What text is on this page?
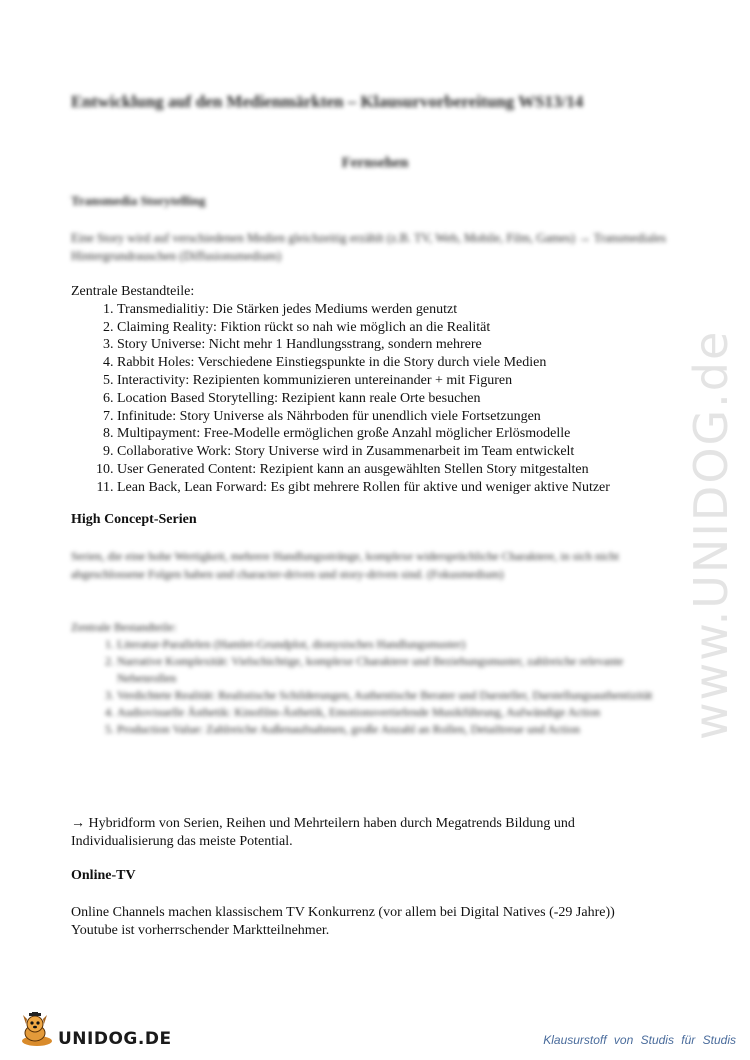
www.UNIDOG.de
Entwicklung auf den Medienmärkten – Klausurvorbereitung WS13/14
Fernsehen
Transmedia Storytelling
Eine Story wird auf verschiedenen Medien gleichzeitig erzählt (z.B. TV, Web, Mobile, Film, Games) → Transmediales Hintergrundrauschen (Diffusionsmedium)
Zentrale Bestandteile:
1. Transmedialitiy: Die Stärken jedes Mediums werden genutzt
2. Claiming Reality: Fiktion rückt so nah wie möglich an die Realität
3. Story Universe: Nicht mehr 1 Handlungsstrang, sondern mehrere
4. Rabbit Holes: Verschiedene Einstiegspunkte in die Story durch viele Medien
5. Interactivity: Rezipienten kommunizieren untereinander + mit Figuren
6. Location Based Storytelling: Rezipient kann reale Orte besuchen
7. Infinitude: Story Universe als Nährboden für unendlich viele Fortsetzungen
8. Multipayment: Free-Modelle ermöglichen große Anzahl möglicher Erlösmodelle
9. Collaborative Work: Story Universe wird in Zusammenarbeit im Team entwickelt
10. User Generated Content: Rezipient kann an ausgewählten Stellen Story mitgestalten
11. Lean Back, Lean Forward: Es gibt mehrere Rollen für aktive und weniger aktive Nutzer
High Concept-Serien
Serien, die eine hohe Wertigkeit, mehrere Handlungsstränge, komplexe widersprüchliche Charaktere, in sich nicht abgeschlossene Folgen haben und character-driven und story-driven sind. (Fokusmedium)
Zentrale Bestandteile:
1. Literatur-Parallelen (Hamlet-Grundplot, dionysisches Handlungsmuster)
2. Narrative Komplexität: Vielschichtige, komplexe Charaktere und Beziehungsmuster, zahlreiche relevante Nebenrollen
3. Verdichtete Realität: Realistische Schilderungen, Authentische Berater und Darsteller, Darstellungsauthentizität
4. Audiovisuelle Ästhetik: Kinofilm-Ästhetik, Emotionsvertiefende Musikführung, Aufwändige Action
5. Production Value: Zahlreiche Außenaufnahmen, große Anzahl an Rollen, Detailtreue und Action
→ Hybridform von Serien, Reihen und Mehrteilern haben durch Megatrends Bildung und Individualisierung das meiste Potential.
Online-TV
Online Channels machen klassischem TV Konkurrenz (vor allem bei Digital Natives (-29 Jahre))
Youtube ist vorherrschender Marktteilnehmer.
UNIDOG.DE	Klausurstoff von Studis für Studis
